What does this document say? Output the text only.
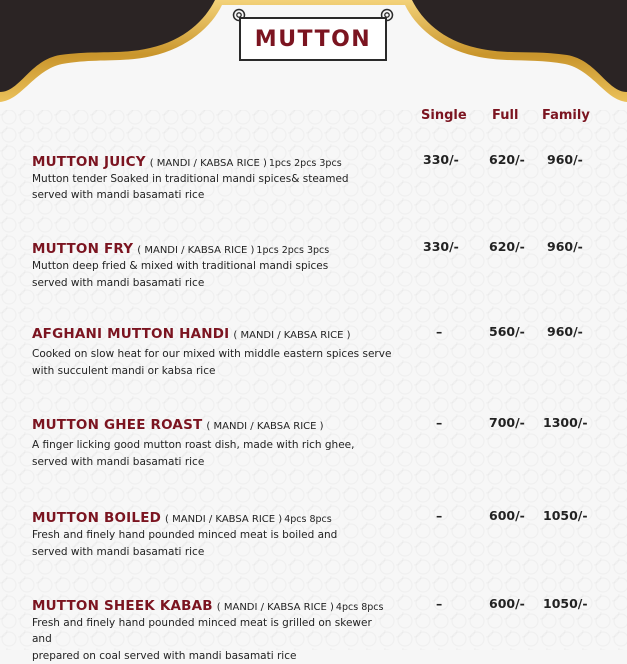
MUTTON
Single Full Family
MUTTON JUICY ( MANDI / KABSA RICE ) 1pcs 2pcs 3pcs
Mutton tender Soaked in traditional mandi spices& steamed
served with mandi basamati rice
330/- 620/- 960/-
MUTTON FRY ( MANDI / KABSA RICE ) 1pcs 2pcs 3pcs
Mutton deep fried & mixed with traditional mandi spices
served with mandi basamati rice
330/- 620/- 960/-
AFGHANI MUTTON HANDI ( MANDI / KABSA RICE )
Cooked on slow heat for our mixed with middle eastern spices serve
with succulent mandi or kabsa rice
–	560/- 960/-
MUTTON GHEE ROAST ( MANDI / KABSA RICE )
A finger licking good mutton roast dish, made with rich ghee,
served with mandi basamati rice
–	700/- 1300/-
MUTTON BOILED ( MANDI / KABSA RICE ) 4pcs 8pcs
Fresh and finely hand pounded minced meat is boiled and
served with mandi basamati rice
–	600/- 1050/-
MUTTON SHEEK KABAB ( MANDI / KABSA RICE ) 4pcs 8pcs
Fresh and finely hand pounded minced meat is grilled on skewer and
prepared on coal served with mandi basamati rice
–	600/- 1050/-
